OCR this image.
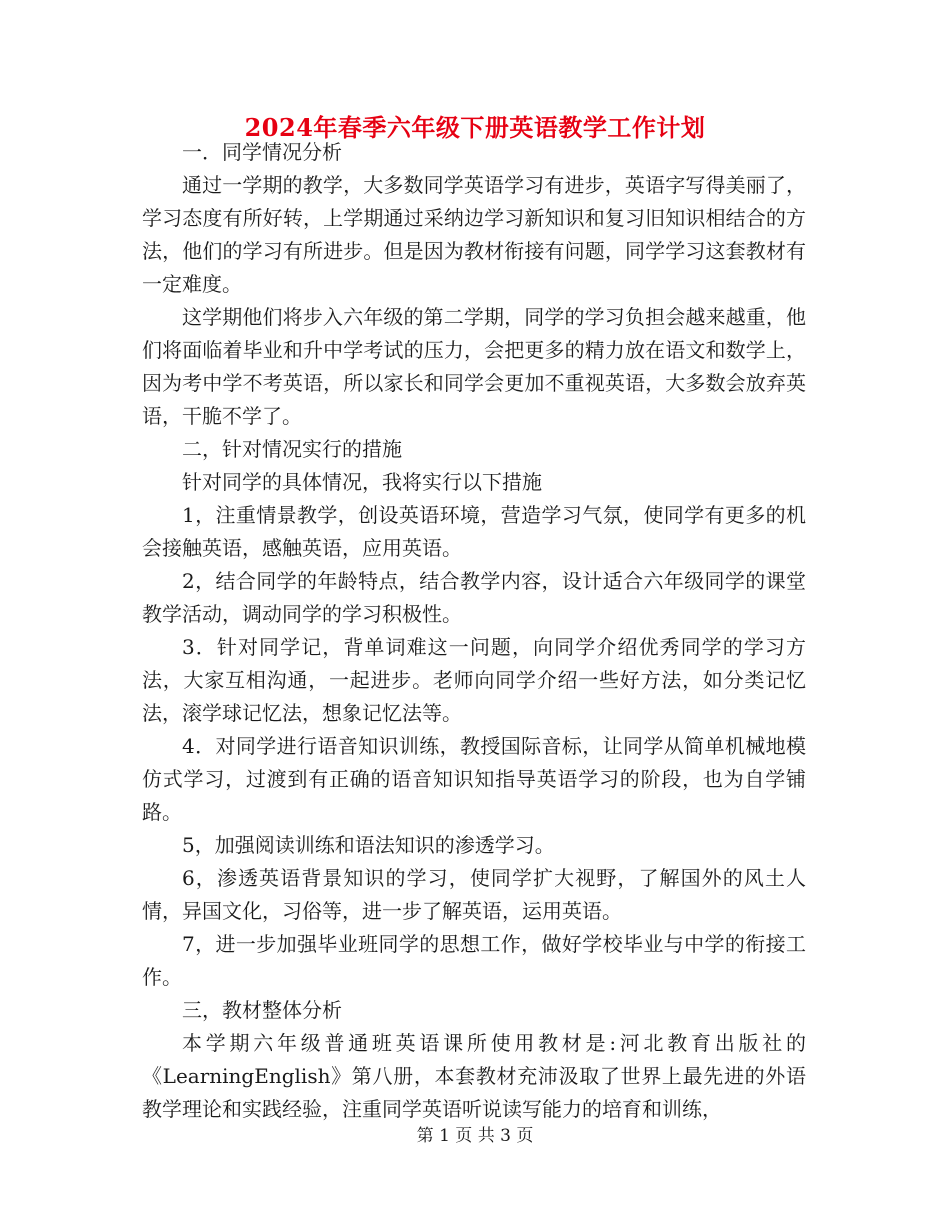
2024年春季六年级下册英语教学工作计划

一．同学情况分析

通过一学期的教学，大多数同学英语学习有进步，英语字写得美丽了，学习态度有所好转，上学期通过采纳边学习新知识和复习旧知识相结合的方法，他们的学习有所进步。但是因为教材衔接有问题，同学学习这套教材有一定难度。

这学期他们将步入六年级的第二学期，同学的学习负担会越来越重，他们将面临着毕业和升中学考试的压力，会把更多的精力放在语文和数学上，因为考中学不考英语，所以家长和同学会更加不重视英语，大多数会放弃英语，干脆不学了。

二，针对情况实行的措施

针对同学的具体情况，我将实行以下措施

1，注重情景教学，创设英语环境，营造学习气氛，使同学有更多的机会接触英语，感触英语，应用英语。

2，结合同学的年龄特点，结合教学内容，设计适合六年级同学的课堂教学活动，调动同学的学习积极性。

3．针对同学记，背单词难这一问题，向同学介绍优秀同学的学习方法，大家互相沟通，一起进步。老师向同学介绍一些好方法，如分类记忆法，滚学球记忆法，想象记忆法等。

4．对同学进行语音知识训练，教授国际音标，让同学从简单机械地模仿式学习，过渡到有正确的语音知识知指导英语学习的阶段，也为自学铺路。

5，加强阅读训练和语法知识的渗透学习。

6，渗透英语背景知识的学习，使同学扩大视野，了解国外的风土人情，异国文化，习俗等，进一步了解英语，运用英语。

7，进一步加强毕业班同学的思想工作，做好学校毕业与中学的衔接工作。

三，教材整体分析

本学期六年级普通班英语课所使用教材是:河北教育出版社的《LearningEnglish》第八册，本套教材充沛汲取了世界上最先进的外语教学理论和实践经验，注重同学英语听说读写能力的培育和训练，

第 1 页 共 3 页
